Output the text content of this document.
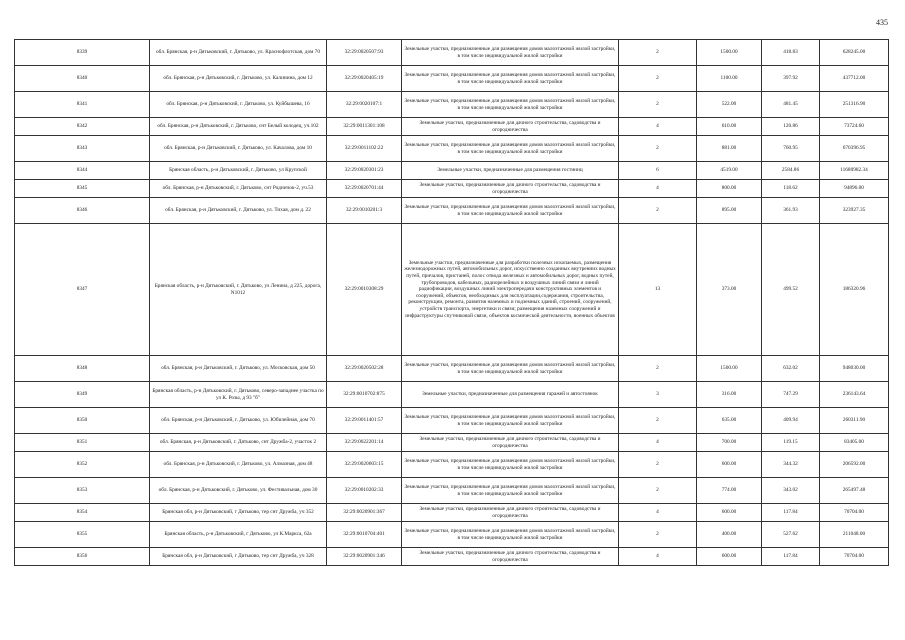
435
8339	обл. Брянская, р-н Дятьковский, г. Дятьково, ул. Краснофлотская, дом 70	32:29:0020507:93	Земельные участки, предназначенные для размещения домов малоэтажной жилой застройки, в том числе индивидуальной жилой застройки	2	1500.00	418.83	628245.00
8340	обл. Брянская, р-н Дятьковский, г. Дятьково, ул. Калинина, дом 12	32:29:0020405:19	Земельные участки, предназначенные для размещения домов малоэтажной жилой застройки, в том числе индивидуальной жилой застройки	2	1100.00	397.92	437712.00
8341	обл. Брянская, р-н Дятьковский, г. Дятьково, ул. Куйбышева, 16	32:29:0020107:1	Земельные участки, предназначенные для размещения домов малоэтажной жилой застройки, в том числе индивидуальной жилой застройки	2	522.00	481.45	251316.90
8342	обл. Брянская, р-н Дятьковский, г. Дятьково, снт Белый колодец, уч.102	32:29:0011301:108	Земельные участки, предназначенные для дачного строительства, садоводства и огородничества	4	610.00	120.86	73724.60
8343	обл. Брянская, р-н Дятьковский, г. Дятьково, ул. Качалова, дом 10	32:29:0011102:22	Земельные участки, предназначенные для размещения домов малоэтажной жилой застройки, в том числе индивидуальной жилой застройки	2	881.00	760.95	670396.95
8344	Брянская область, р-н Дятьковский, г. Дятьково, ул Крупской	32:29:0020301:23	Земельные участки, предназначенные для размещения гостиниц	6	4519.00	2584.86	11680982.34
8345	обл. Брянская, р-н Дятьковский, г. Дятьково, снт Родничок-2, уч.53	32:29:0020701:44	Земельные участки, предназначенные для дачного строительства, садоводства и огородничества	4	800.00	118.62	94896.00
8346	обл. Брянская, р-н Дятьковский, г. Дятьково, ул. Тихая, дом д. 22	32:29:0010201:3	Земельные участки, предназначенные для размещения домов малоэтажной жилой застройки, в том числе индивидуальной жилой застройки	2	895.00	361.93	323927.35
8347	Брянская область, р-н Дятьковский, г. Дятьково, ул Ленина, д 225, дорога, N1012	32:29:0010308:29	Земельные участки, предназначенные для разработки полезных ископаемых, размещения железнодорожных путей, автомобильных дорог, искусственно созданных внутренних водных путей, причалов, пристаней, полос отвода железных и автомобильных дорог, водных путей, трубопроводов, кабельных, радиорелейных и воздушных линий связи и линий радиофикации, воздушных линий электропередачи конструктивных элементов и сооружений, объектов, необходимых для эксплуатации,содержания, строительства, реконструкции, ремонта, развития наземных и подземных зданий, строений, сооружений, устройств транспорта, энергетики и связи; размещения наземных сооружений и инфраструктуры спутниковой связи, объектов космической деятельности, военных объектов	13	373.00	499.52	186320.96
8348	обл. Брянская, р-н Дятьковский, г. Дятьково, ул. Московская, дом 50	32:29:0020502:28	Земельные участки, предназначенные для размещения домов малоэтажной жилой застройки, в том числе индивидуальной жилой застройки	2	1500.00	632.02	948030.00
8349	Брянская область, р-н Дятьковский, г. Дятьково, северо-западнее участка по ул К. Розы, д 93 "б"	32:29:0010702:875	Земельные участки, предназначенные для размещения гаражей и автостоянок	3	316.00	747.29	236143.64
8350	обл. Брянская, р-н Дятьковский, г. Дятьково, ул. Юбилейная, дом 70	32:29:0011401:57	Земельные участки, предназначенные для размещения домов малоэтажной жилой застройки, в том числе индивидуальной жилой застройки	2	635.00	409.94	260311.90
8351	обл. Брянская, р-н Дятьковский, г. Дятьково, снт Дружба-2, участок 2	32:29:0022201:14	Земельные участки, предназначенные для дачного строительства, садоводства и огородничества	4	700.00	119.15	83405.00
8352	обл. Брянская, р-н Дятьковский, г. Дятьково, ул. Алмазная, дом 48	32:29:0020603:15	Земельные участки, предназначенные для размещения домов малоэтажной жилой застройки, в том числе индивидуальной жилой застройки	2	600.00	344.32	206592.00
8353	обл. Брянская, р-н Дятьковский, г. Дятьково, ул. Фестивальная, дом 30	32:29:0010202:33	Земельные участки, предназначенные для размещения домов малоэтажной жилой застройки, в том числе индивидуальной жилой застройки	2	774.00	343.02	265497.48
8354	Брянская обл, р-н Дятьковский, г Дятьково, тер снт Дружба, уч 352	32:29:0020901:367	Земельные участки, предназначенные для дачного строительства, садоводства и огородничества	4	600.00	117.84	70704.00
8355	Брянская область, р-н Дятьковский, г Дятьково, ул К.Маркса, 62а	32:29:0010704:401	Земельные участки, предназначенные для размещения домов малоэтажной жилой застройки, в том числе индивидуальной жилой застройки	2	400.00	527.62	211048.00
8356	Брянская обл, р-н Дятьковский, г Дятьково, тер снт Дружба, уч 328	32:29:0020901:346	Земельные участки, предназначенные для дачного строительства, садоводства и огородничества	4	600.00	117.84	70704.00
